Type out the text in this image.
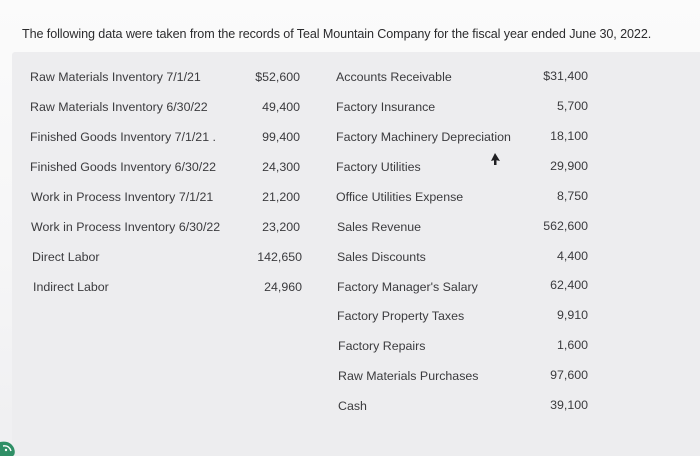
The following data were taken from the records of Teal Mountain Company for the fiscal year ended June 30, 2022.
Raw Materials Inventory 7/1/21	$52,600
Raw Materials Inventory 6/30/22	49,400
Finished Goods Inventory 7/1/21 .	99,400
Finished Goods Inventory 6/30/22	24,300
Work in Process Inventory 7/1/21	21,200
Work in Process Inventory 6/30/22	23,200
Direct Labor	142,650
Indirect Labor	24,960
Accounts Receivable	$31,400
Factory Insurance	5,700
Factory Machinery Depreciation	18,100
Factory Utilities	29,900
Office Utilities Expense	8,750
Sales Revenue	562,600
Sales Discounts	4,400
Factory Manager's Salary	62,400
Factory Property Taxes	9,910
Factory Repairs	1,600
Raw Materials Purchases	97,600
Cash	39,100
